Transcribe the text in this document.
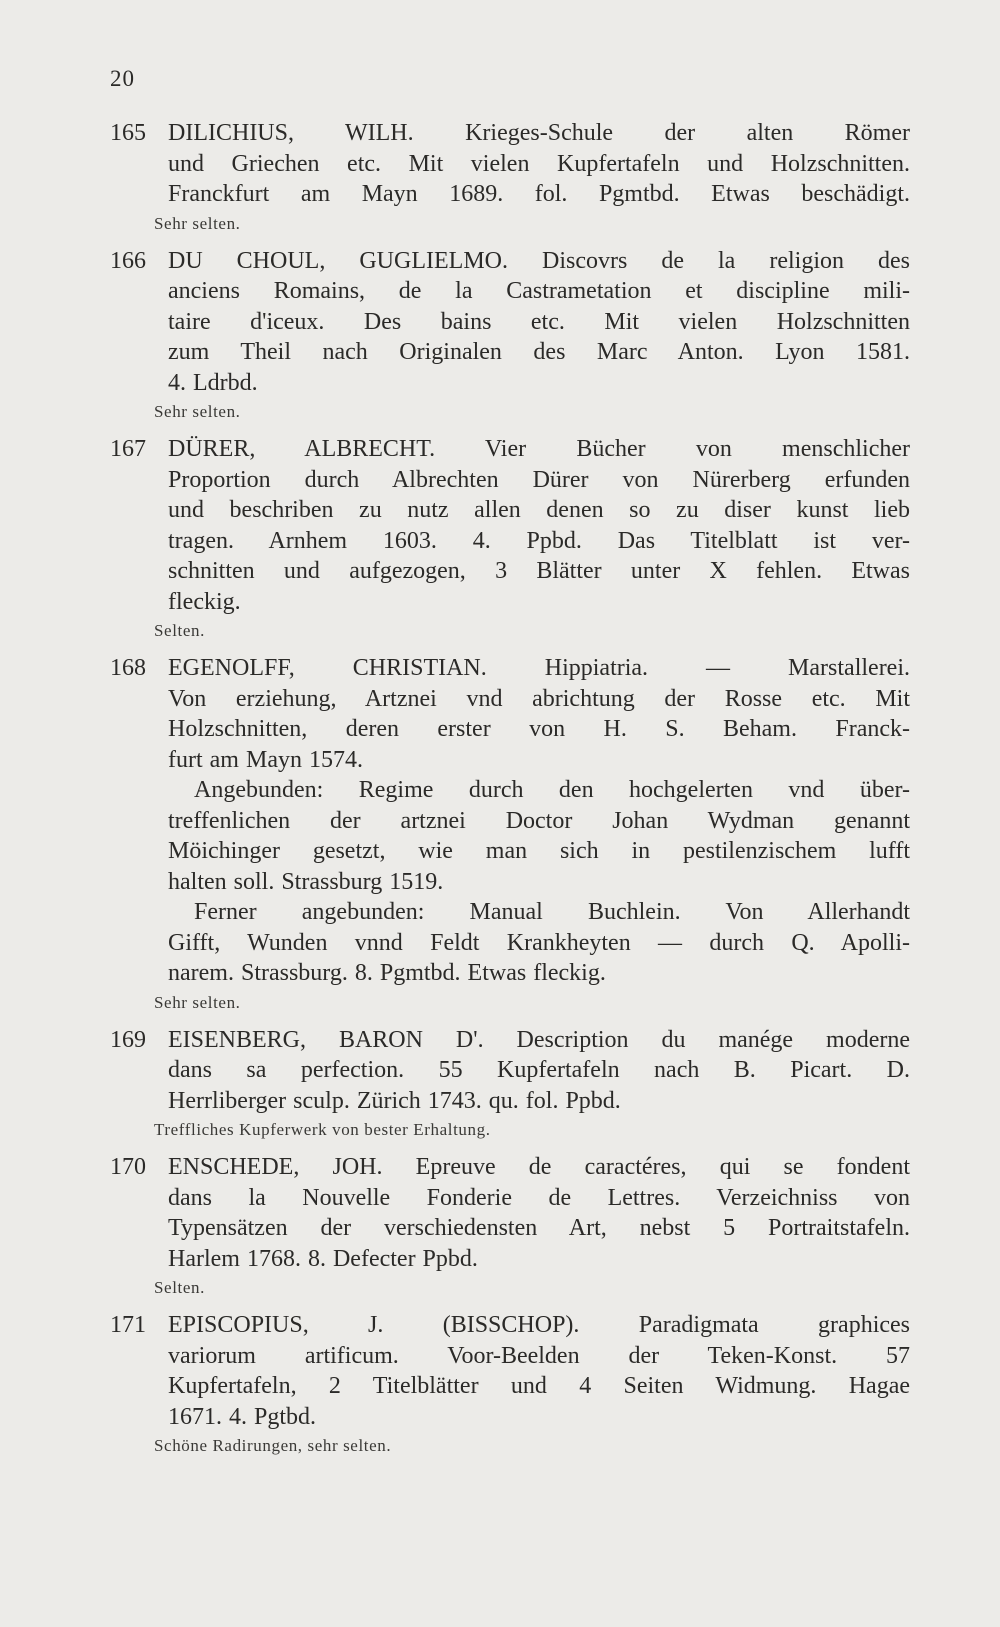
20
165 DILICHIUS, WILH. Krieges-Schule der alten Römer
und Griechen etc. Mit vielen Kupfertafeln und Holzschnitten.
Franckfurt am Mayn 1689. fol. Pgmtbd. Etwas beschädigt.
Sehr selten.
166 DU CHOUL, GUGLIELMO. Discovrs de la religion des
anciens Romains, de la Castrametation et discipline mili-
taire d'iceux. Des bains etc. Mit vielen Holzschnitten
zum Theil nach Originalen des Marc Anton. Lyon 1581.
4. Ldrbd.
Sehr selten.
167 DÜRER, ALBRECHT. Vier Bücher von menschlicher
Proportion durch Albrechten Dürer von Nürerberg erfunden
und beschriben zu nutz allen denen so zu diser kunst lieb
tragen. Arnhem 1603. 4. Ppbd. Das Titelblatt ist ver-
schnitten und aufgezogen, 3 Blätter unter X fehlen. Etwas
fleckig.
Selten.
168 EGENOLFF, CHRISTIAN. Hippiatria. — Marstallerei.
Von erziehung, Artznei vnd abrichtung der Rosse etc. Mit
Holzschnitten, deren erster von H. S. Beham. Franck-
furt am Mayn 1574.
Angebunden: Regime durch den hochgelerten vnd über-
treffenlichen der artznei Doctor Johan Wydman genannt
Möichinger gesetzt, wie man sich in pestilenzischem lufft
halten soll. Strassburg 1519.
Ferner angebunden: Manual Buchlein. Von Allerhandt
Gifft, Wunden vnnd Feldt Krankheyten — durch Q. Apolli-
narem. Strassburg. 8. Pgmtbd. Etwas fleckig.
Sehr selten.
169 EISENBERG, BARON D'. Description du manége moderne
dans sa perfection. 55 Kupfertafeln nach B. Picart. D.
Herrliberger sculp. Zürich 1743. qu. fol. Ppbd.
Treffliches Kupferwerk von bester Erhaltung.
170 ENSCHEDE, JOH. Epreuve de caractéres, qui se fondent
dans la Nouvelle Fonderie de Lettres. Verzeichniss von
Typensätzen der verschiedensten Art, nebst 5 Portraitstafeln.
Harlem 1768. 8. Defecter Ppbd.
Selten.
171 EPISCOPIUS, J. (BISSCHOP). Paradigmata graphices
variorum artificum. Voor-Beelden der Teken-Konst. 57
Kupfertafeln, 2 Titelblätter und 4 Seiten Widmung. Hagae
1671. 4. Pgtbd.
Schöne Radirungen, sehr selten.
